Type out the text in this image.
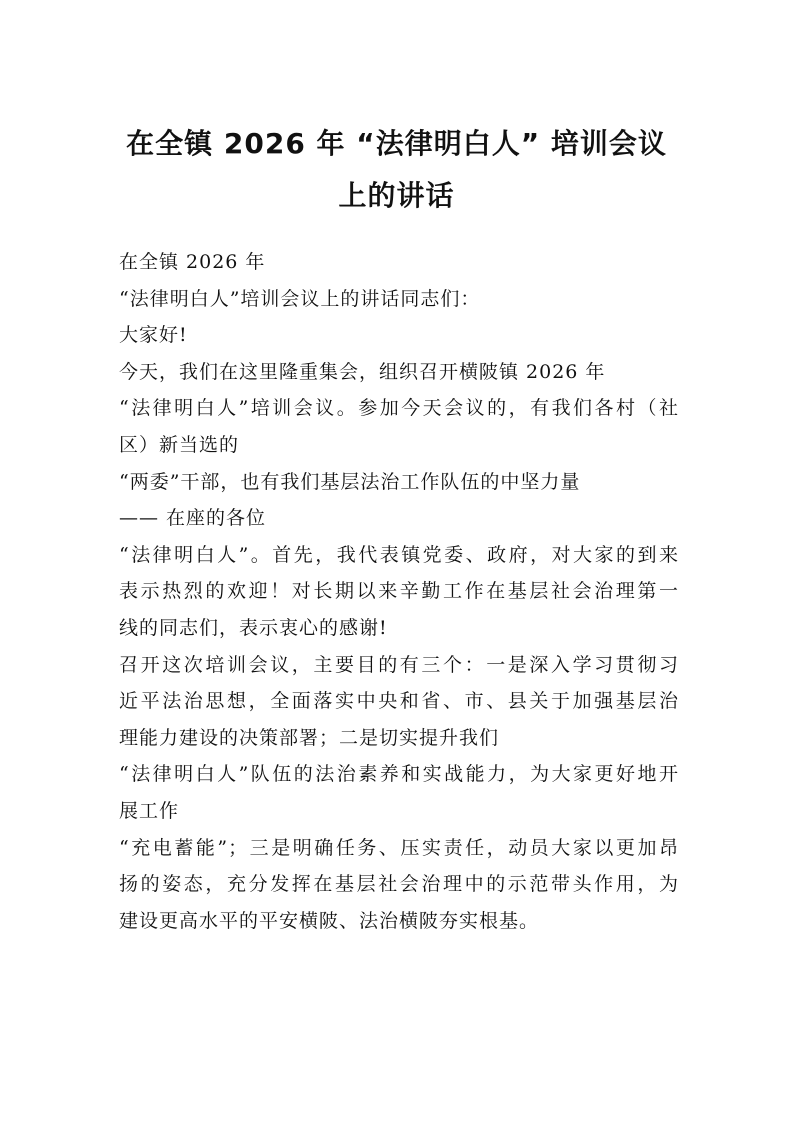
在全镇 2026 年 “法律明白人” 培训会议
上的讲话
在全镇 2026 年
“法律明白人”培训会议上的讲话同志们：
大家好!
今天，我们在这里隆重集会，组织召开横陂镇 2026 年
“法律明白人”培训会议。参加今天会议的，有我们各村（社
区）新当选的
“两委”干部，也有我们基层法治工作队伍的中坚力量
—— 在座的各位
“法律明白人”。首先，我代表镇党委、政府，对大家的到来
表示热烈的欢迎！对长期以来辛勤工作在基层社会治理第一
线的同志们，表示衷心的感谢!
召开这次培训会议，主要目的有三个：一是深入学习贯彻习
近平法治思想，全面落实中央和省、市、县关于加强基层治
理能力建设的决策部署；二是切实提升我们
“法律明白人”队伍的法治素养和实战能力，为大家更好地开
展工作
“充电蓄能”；三是明确任务、压实责任，动员大家以更加昂
扬的姿态，充分发挥在基层社会治理中的示范带头作用，为
建设更高水平的平安横陂、法治横陂夯实根基。
